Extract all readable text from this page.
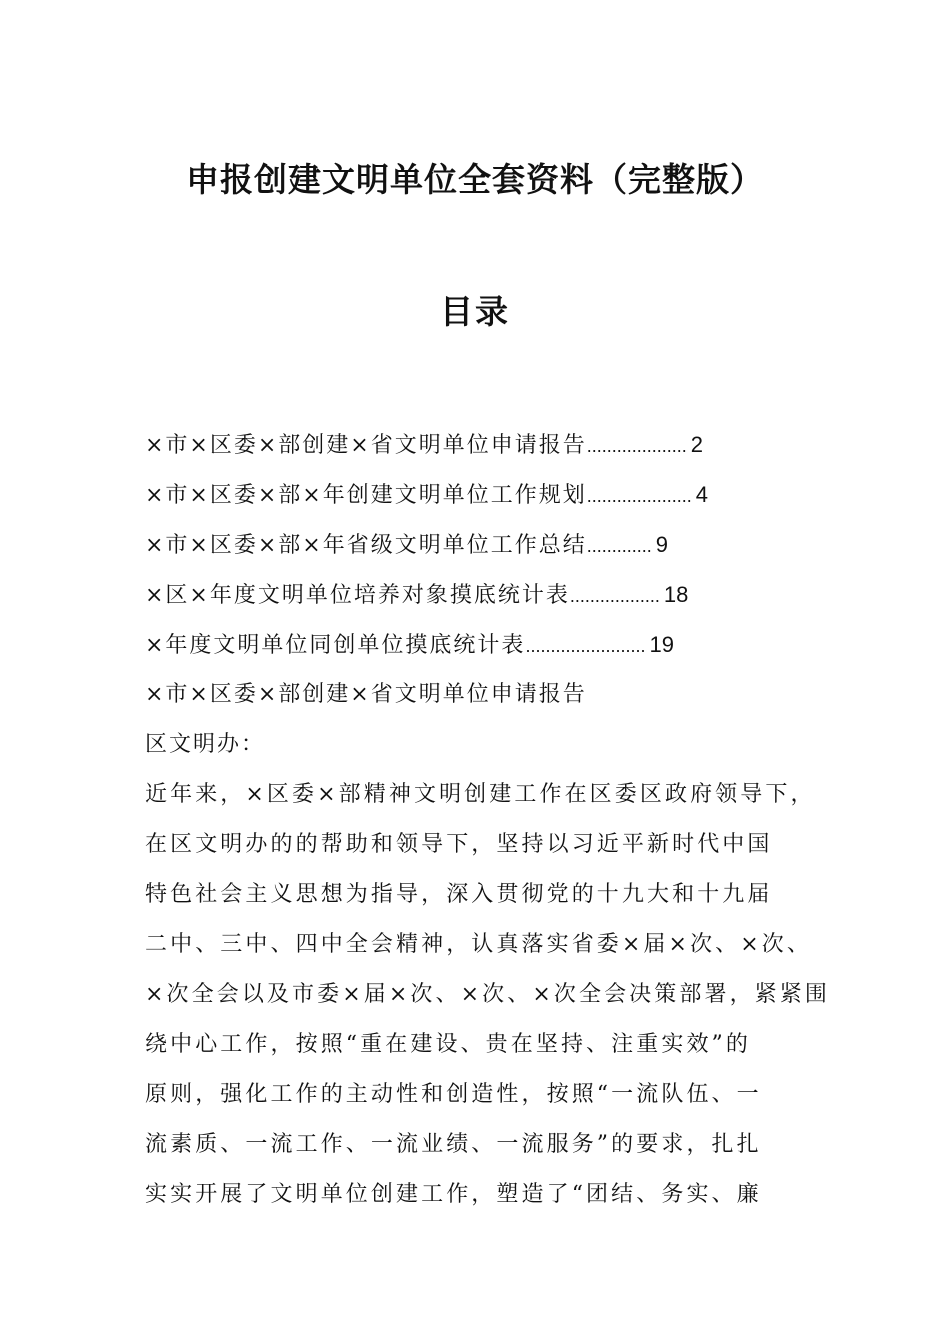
申报创建文明单位全套资料（完整版）
目录
×市×区委×部创建×省文明单位申请报告.................... 2
×市×区委×部×年创建文明单位工作规划..................... 4
×市×区委×部×年省级文明单位工作总结............. 9
×区×年度文明单位培养对象摸底统计表.................. 18
×年度文明单位同创单位摸底统计表........................ 19
×市×区委×部创建×省文明单位申请报告
区文明办：
近年来，×区委×部精神文明创建工作在区委区政府领导下，
在区文明办的的帮助和领导下，坚持以习近平新时代中国
特色社会主义思想为指导，深入贯彻党的十九大和十九届
二中、三中、四中全会精神，认真落实省委×届×次、×次、
×次全会以及市委×届×次、×次、×次全会决策部署，紧紧围
绕中心工作，按照“重在建设、贵在坚持、注重实效”的
原则，强化工作的主动性和创造性，按照“一流队伍、一
流素质、一流工作、一流业绩、一流服务”的要求，扎扎
实实开展了文明单位创建工作，塑造了“团结、务实、廉
